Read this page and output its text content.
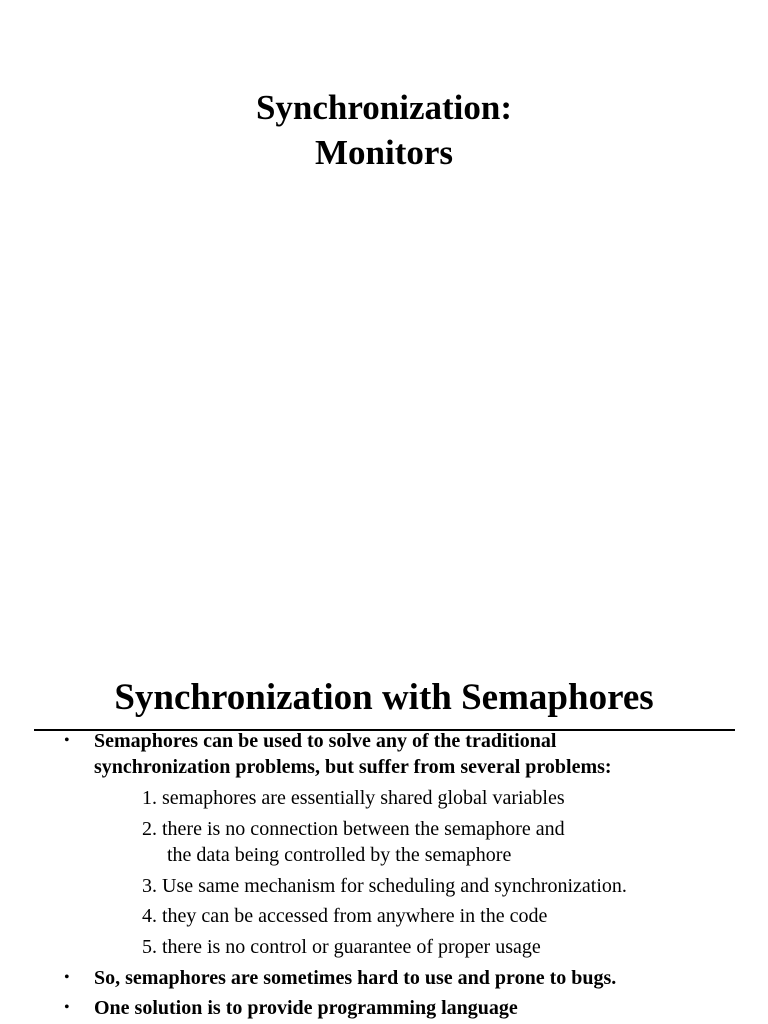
Synchronization:
Monitors
Synchronization with Semaphores
• Semaphores can be used to solve any of the traditional
synchronization problems, but suffer from several problems:
1. semaphores are essentially shared global variables
2. there is no connection between the semaphore and
the data being controlled by the semaphore
3. Use same mechanism for scheduling and synchronization.
4. they can be accessed from anywhere in the code
5. there is no control or guarantee of proper usage
• So, semaphores are sometimes hard to use and prone to bugs.
• One solution is to provide programming language
